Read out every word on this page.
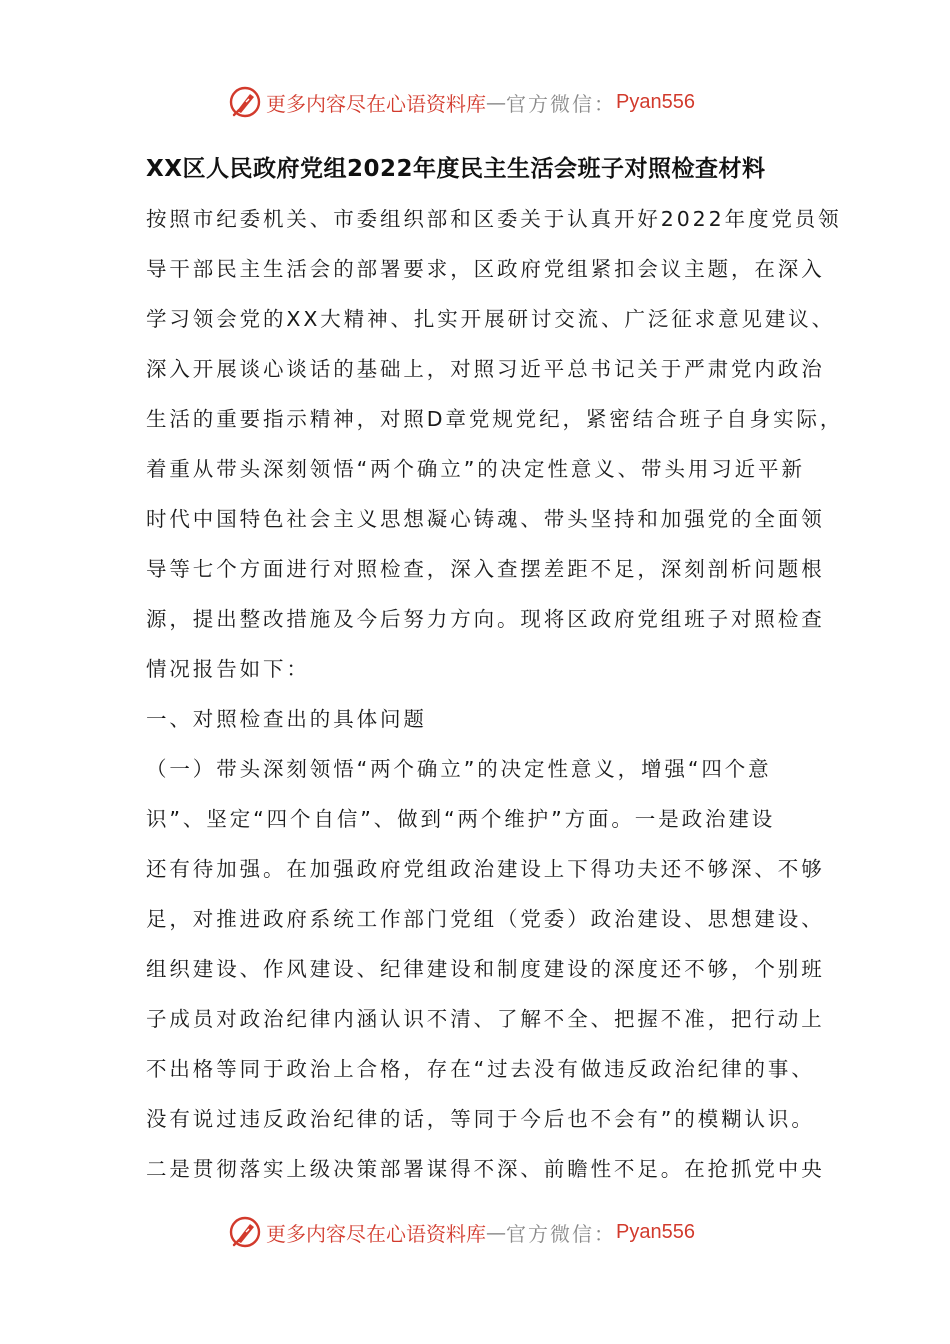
更多内容尽在心语资料库 — 官方微信： Pyan556
XX区人民政府党组2022年度民主生活会班子对照检查材料
按照市纪委机关、市委组织部和区委关于认真开好2022年度党员领
导干部民主生活会的部署要求，区政府党组紧扣会议主题，在深入
学习领会党的XX大精神、扎实开展研讨交流、广泛征求意见建议、
深入开展谈心谈话的基础上，对照习近平总书记关于严肃党内政治
生活的重要指示精神，对照D章党规党纪，紧密结合班子自身实际，
着重从带头深刻领悟“两个确立”的决定性意义、带头用习近平新
时代中国特色社会主义思想凝心铸魂、带头坚持和加强党的全面领
导等七个方面进行对照检查，深入查摆差距不足，深刻剖析问题根
源，提出整改措施及今后努力方向。现将区政府党组班子对照检查
情况报告如下：
一、对照检查出的具体问题
（一）带头深刻领悟“两个确立”的决定性意义，增强“四个意
识”、坚定“四个自信”、做到“两个维护”方面。一是政治建设
还有待加强。在加强政府党组政治建设上下得功夫还不够深、不够
足，对推进政府系统工作部门党组（党委）政治建设、思想建设、
组织建设、作风建设、纪律建设和制度建设的深度还不够，个别班
子成员对政治纪律内涵认识不清、了解不全、把握不准，把行动上
不出格等同于政治上合格，存在“过去没有做违反政治纪律的事、
没有说过违反政治纪律的话，等同于今后也不会有”的模糊认识。
二是贯彻落实上级决策部署谋得不深、前瞻性不足。在抢抓党中央
更多内容尽在心语资料库 — 官方微信： Pyan556
